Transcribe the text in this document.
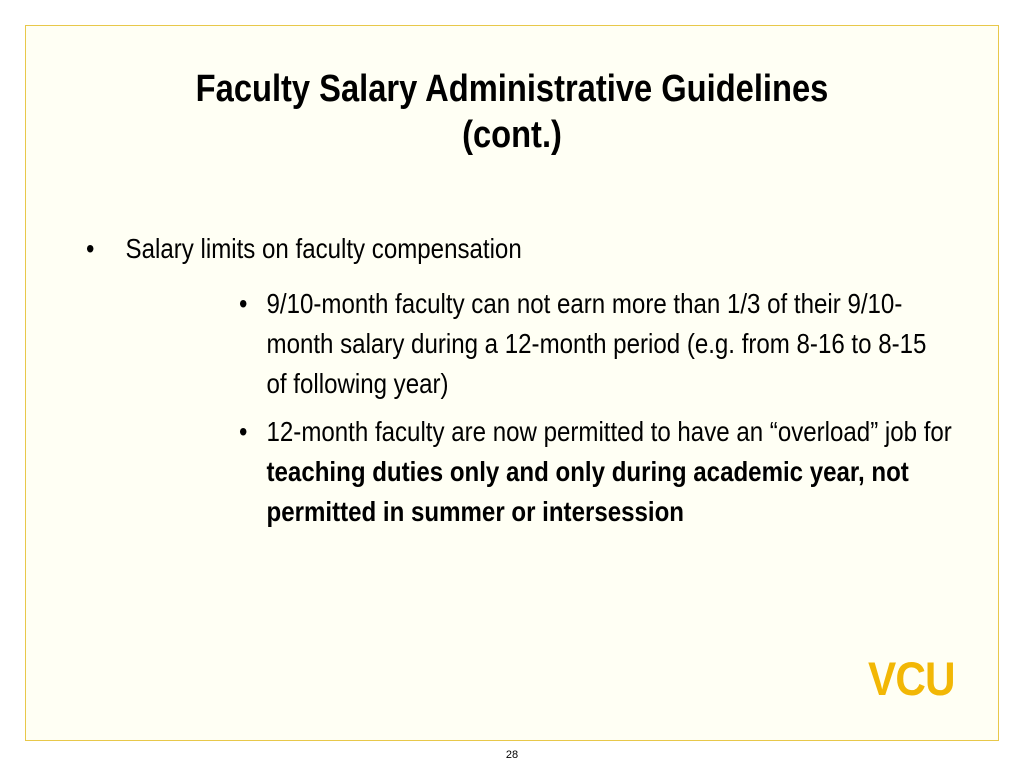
Faculty Salary Administrative Guidelines
(cont.)
• Salary limits on faculty compensation
• 9/10-month faculty can not earn more than 1/3 of their 9/10-month salary during a 12-month period (e.g. from 8-16 to 8-15 of following year)
• 12-month faculty are now permitted to have an “overload” job for teaching duties only and only during academic year, not permitted in summer or intersession
VCU
28
